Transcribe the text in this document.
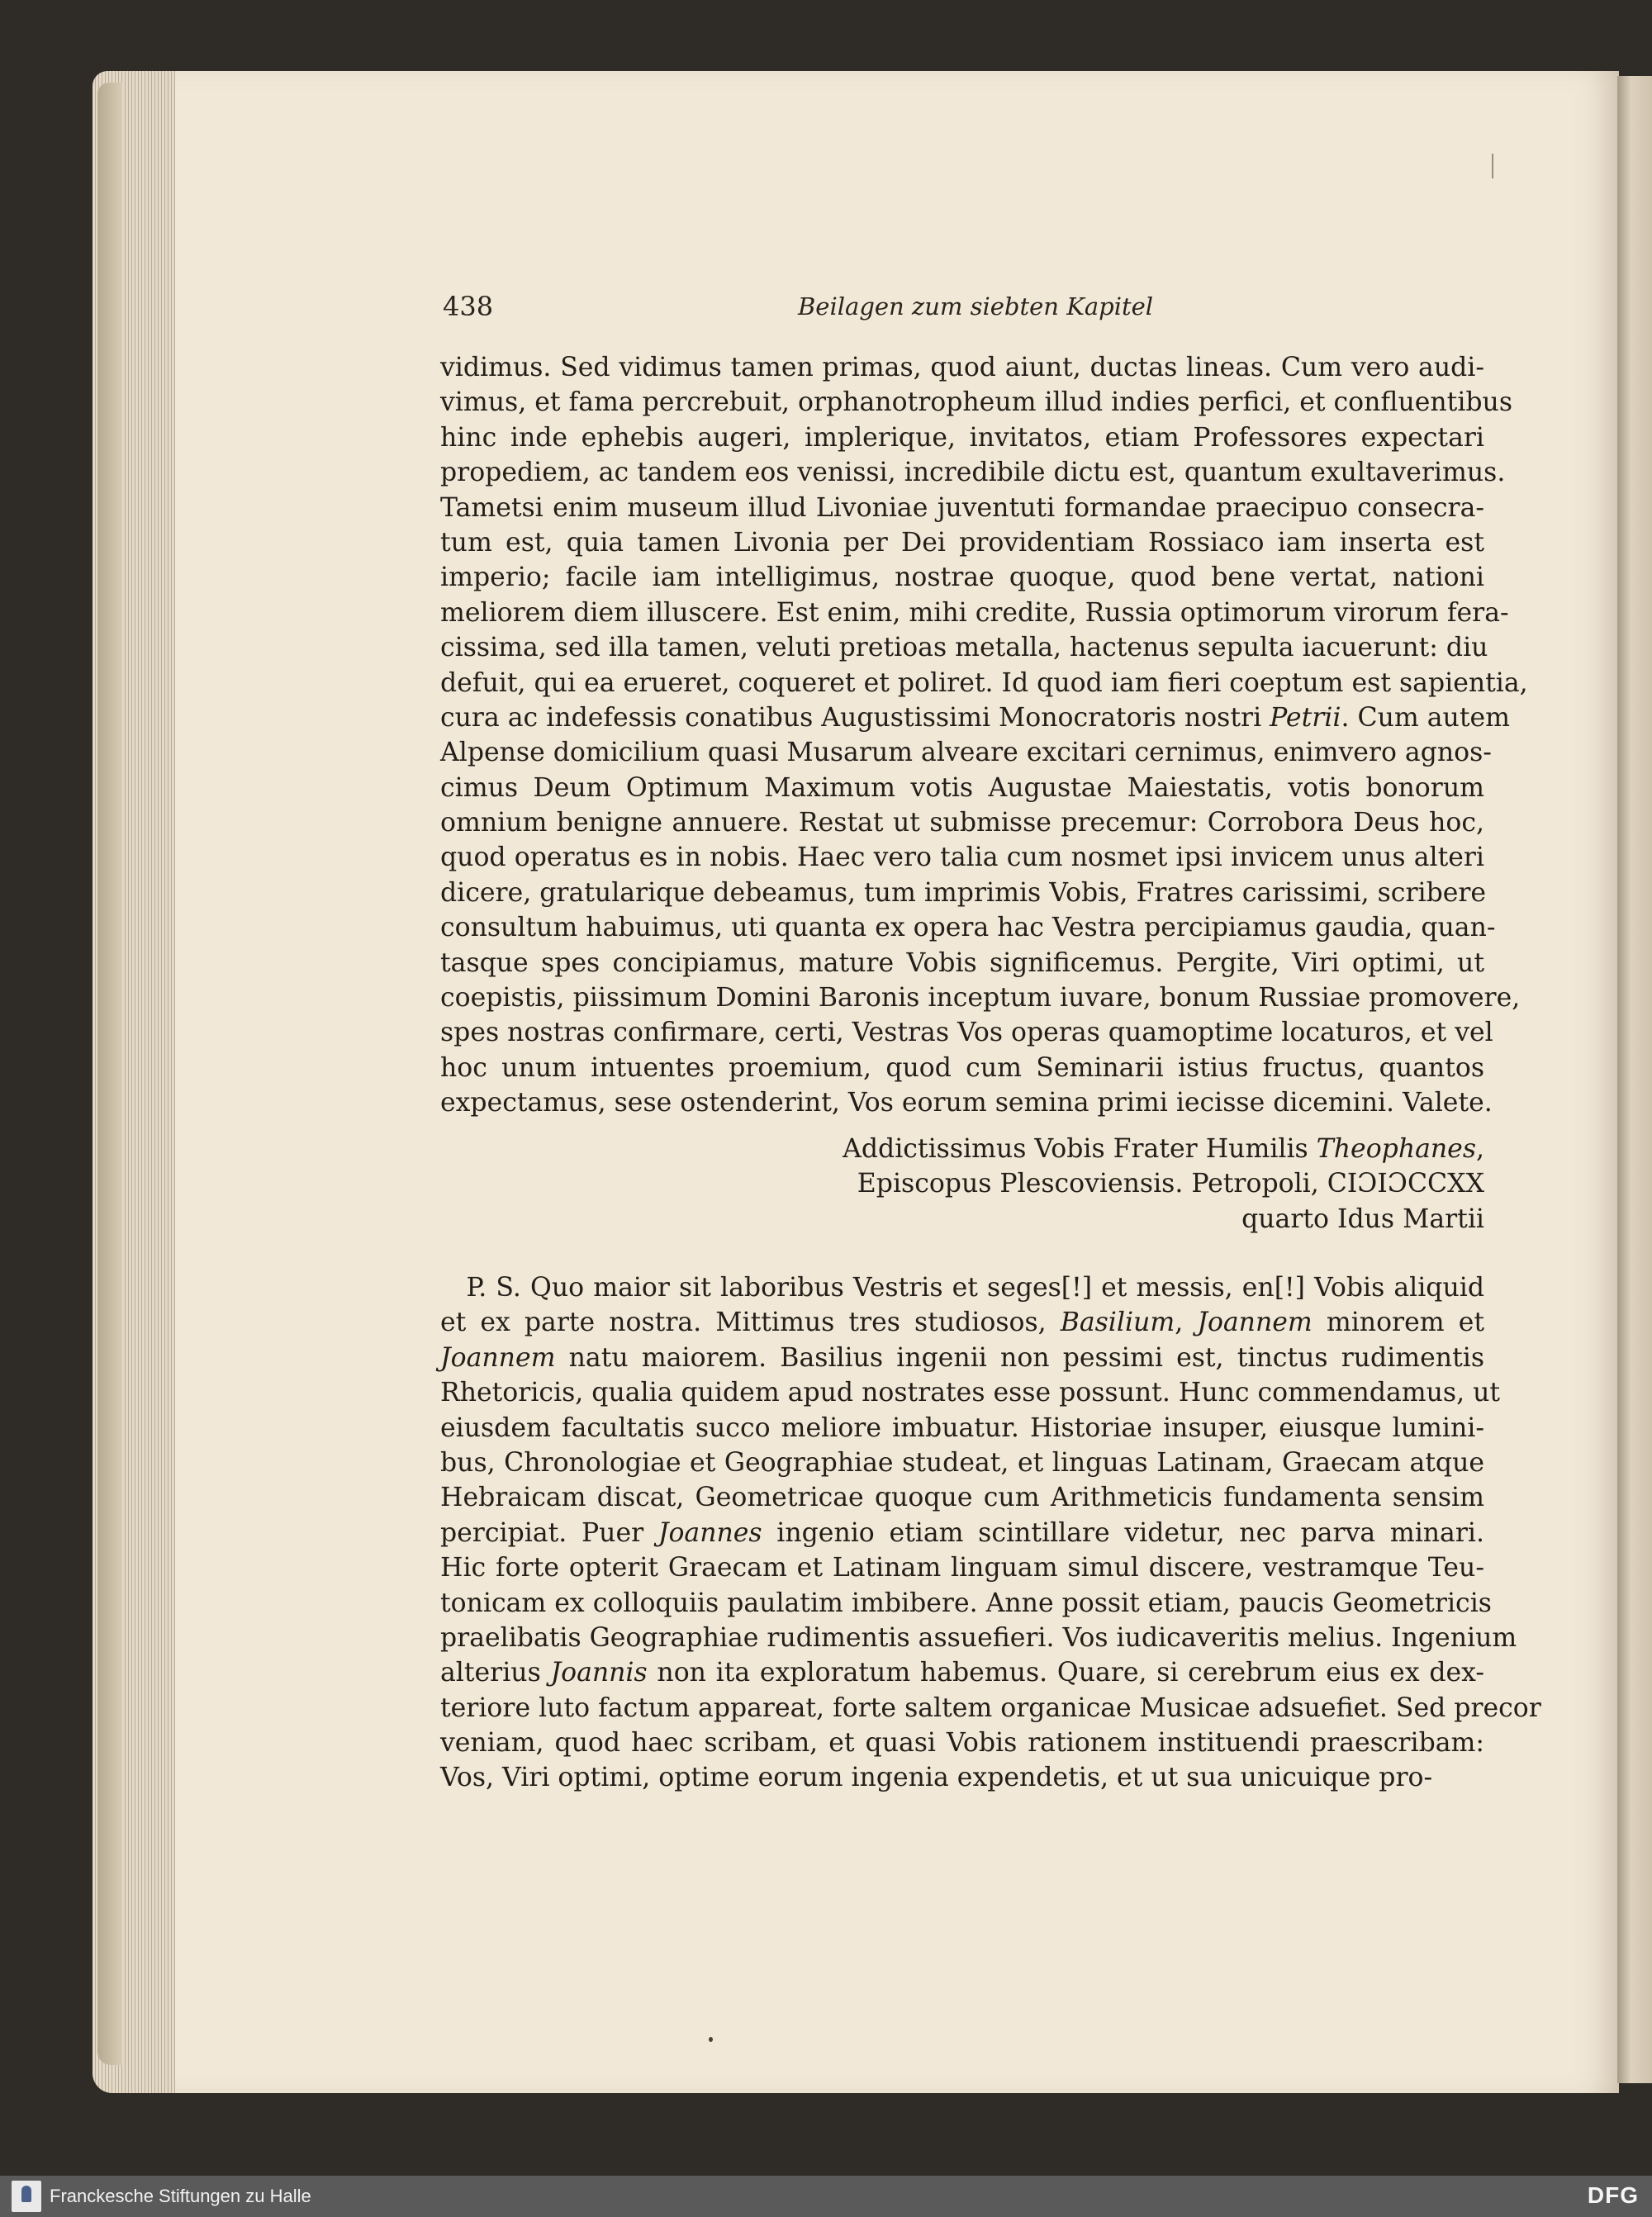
438	Beilagen zum siebten Kapitel
vidimus. Sed vidimus tamen primas, quod aiunt, ductas lineas. Cum vero audi-
vimus, et fama percrebuit, orphanotropheum illud indies perfici, et confluentibus
hinc inde ephebis augeri, implerique, invitatos, etiam Professores expectari
propediem, ac tandem eos venissi, incredibile dictu est, quantum exultaverimus.
Tametsi enim museum illud Livoniae juventuti formandae praecipuo consecra-
tum est, quia tamen Livonia per Dei providentiam Rossiaco iam inserta est
imperio; facile iam intelligimus, nostrae quoque, quod bene vertat, nationi
meliorem diem illuscere. Est enim, mihi credite, Russia optimorum virorum fera-
cissima, sed illa tamen, veluti pretioas metalla, hactenus sepulta iacuerunt: diu
defuit, qui ea erueret, coqueret et poliret. Id quod iam fieri coeptum est sapientia,
cura ac indefessis conatibus Augustissimi Monocratoris nostri Petrii. Cum autem
Alpense domicilium quasi Musarum alveare excitari cernimus, enimvero agnos-
cimus Deum Optimum Maximum votis Augustae Maiestatis, votis bonorum
omnium benigne annuere. Restat ut submisse precemur: Corrobora Deus hoc,
quod operatus es in nobis. Haec vero talia cum nosmet ipsi invicem unus alteri
dicere, gratularique debeamus, tum imprimis Vobis, Fratres carissimi, scribere
consultum habuimus, uti quanta ex opera hac Vestra percipiamus gaudia, quan-
tasque spes concipiamus, mature Vobis significemus. Pergite, Viri optimi, ut
coepistis, piissimum Domini Baronis inceptum iuvare, bonum Russiae promovere,
spes nostras confirmare, certi, Vestras Vos operas quamoptime locaturos, et vel
hoc unum intuentes proemium, quod cum Seminarii istius fructus, quantos
expectamus, sese ostenderint, Vos eorum semina primi iecisse dicemini. Valete.
Addictissimus Vobis Frater Humilis Theophanes,
Episcopus Plescoviensis. Petropoli, CIƆIƆCCXX
quarto Idus Martii
 P. S. Quo maior sit laboribus Vestris et seges[!] et messis, en[!] Vobis aliquid
et ex parte nostra. Mittimus tres studiosos, Basilium, Joannem minorem et
Joannem natu maiorem. Basilius ingenii non pessimi est, tinctus rudimentis
Rhetoricis, qualia quidem apud nostrates esse possunt. Hunc commendamus, ut
eiusdem facultatis succo meliore imbuatur. Historiae insuper, eiusque lumini-
bus, Chronologiae et Geographiae studeat, et linguas Latinam, Graecam atque
Hebraicam discat, Geometricae quoque cum Arithmeticis fundamenta sensim
percipiat. Puer Joannes ingenio etiam scintillare videtur, nec parva minari.
Hic forte opterit Graecam et Latinam linguam simul discere, vestramque Teu-
tonicam ex colloquiis paulatim imbibere. Anne possit etiam, paucis Geometricis
praelibatis Geographiae rudimentis assuefieri. Vos iudicaveritis melius. Ingenium
alterius Joannis non ita exploratum habemus. Quare, si cerebrum eius ex dex-
teriore luto factum appareat, forte saltem organicae Musicae adsuefiet. Sed precor
veniam, quod haec scribam, et quasi Vobis rationem instituendi praescribam:
Vos, Viri optimi, optime eorum ingenia expendetis, et ut sua unicuique pro-
Franckesche Stiftungen zu Halle	DFG
